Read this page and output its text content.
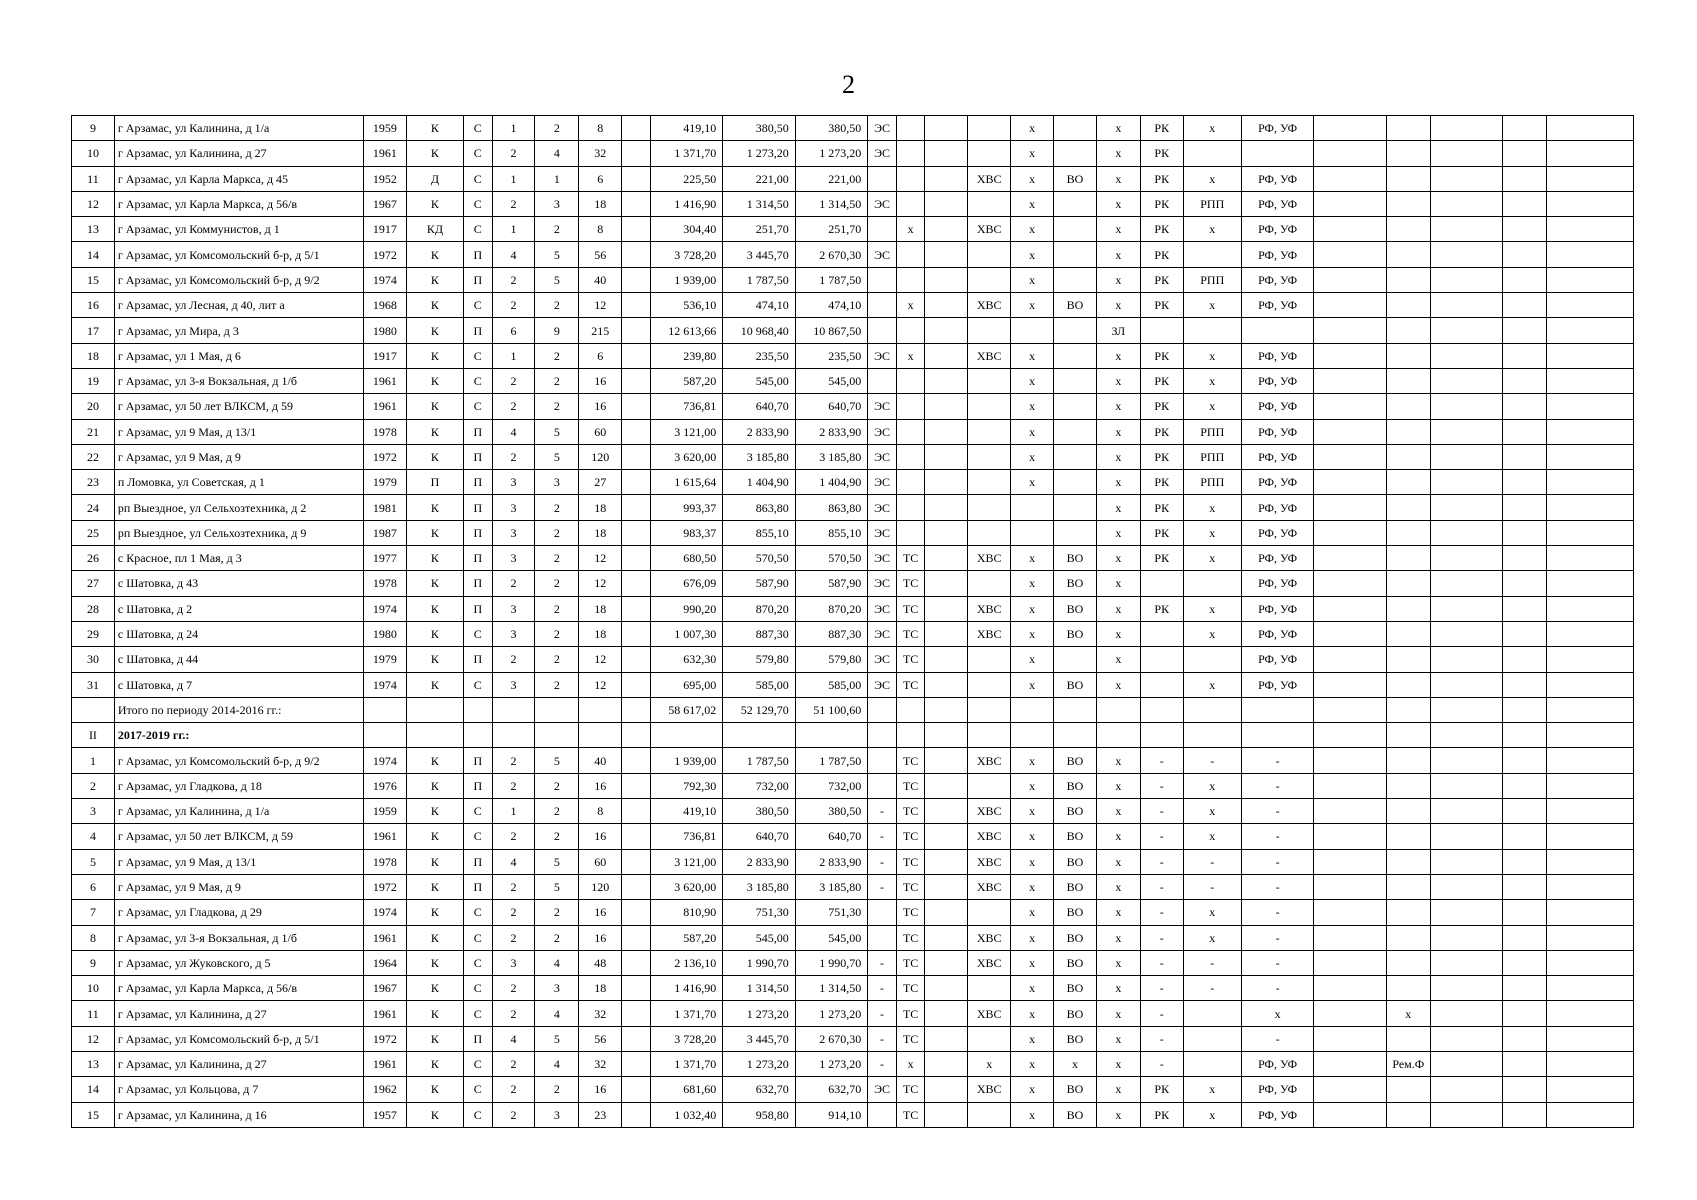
2
9	г Арзамас, ул Калинина, д 1/а	1959	К	С	1	2	8		419,10	380,50	380,50	ЭС				х		х	РК	х	РФ, УФ					
10	г Арзамас, ул Калинина, д 27	1961	К	С	2	4	32		1 371,70	1 273,20	1 273,20	ЭС				х		х	РК							
11	г Арзамас, ул Карла Маркса, д 45	1952	Д	С	1	1	6		225,50	221,00	221,00				ХВС	х	ВО	х	РК	х	РФ, УФ					
12	г Арзамас, ул Карла Маркса, д 56/в	1967	К	С	2	3	18		1 416,90	1 314,50	1 314,50	ЭС				х		х	РК	РПП	РФ, УФ					
13	г Арзамас, ул Коммунистов, д 1	1917	КД	С	1	2	8		304,40	251,70	251,70		х		ХВС	х		х	РК	х	РФ, УФ					
14	г Арзамас, ул Комсомольский б-р, д 5/1	1972	К	П	4	5	56		3 728,20	3 445,70	2 670,30	ЭС				х		х	РК		РФ, УФ					
15	г Арзамас, ул Комсомольский б-р, д 9/2	1974	К	П	2	5	40		1 939,00	1 787,50	1 787,50					х		х	РК	РПП	РФ, УФ					
16	г Арзамас, ул Лесная, д 40, лит а	1968	К	С	2	2	12		536,10	474,10	474,10		х		ХВС	х	ВО	х	РК	х	РФ, УФ					
17	г Арзамас, ул Мира, д 3	1980	К	П	6	9	215		12 613,66	10 968,40	10 867,50							ЗЛ								
18	г Арзамас, ул 1 Мая, д 6	1917	К	С	1	2	6		239,80	235,50	235,50	ЭС	х		ХВС	х		х	РК	х	РФ, УФ					
19	г Арзамас, ул 3-я Вокзальная, д 1/б	1961	К	С	2	2	16		587,20	545,00	545,00					х		х	РК	х	РФ, УФ					
20	г Арзамас, ул 50 лет ВЛКСМ, д 59	1961	К	С	2	2	16		736,81	640,70	640,70	ЭС				х		х	РК	х	РФ, УФ					
21	г Арзамас, ул 9 Мая, д 13/1	1978	К	П	4	5	60		3 121,00	2 833,90	2 833,90	ЭС				х		х	РК	РПП	РФ, УФ					
22	г Арзамас, ул 9 Мая, д 9	1972	К	П	2	5	120		3 620,00	3 185,80	3 185,80	ЭС				х		х	РК	РПП	РФ, УФ					
23	п Ломовка, ул Советская, д 1	1979	П	П	3	3	27		1 615,64	1 404,90	1 404,90	ЭС				х		х	РК	РПП	РФ, УФ					
24	рп Выездное, ул Сельхозтехника, д 2	1981	К	П	3	2	18		993,37	863,80	863,80	ЭС						х	РК	х	РФ, УФ					
25	рп Выездное, ул Сельхозтехника, д 9	1987	К	П	3	2	18		983,37	855,10	855,10	ЭС						х	РК	х	РФ, УФ					
26	с Красное, пл 1 Мая, д 3	1977	К	П	3	2	12		680,50	570,50	570,50	ЭС	ТС		ХВС	х	ВО	х	РК	х	РФ, УФ					
27	с Шатовка, д 43	1978	К	П	2	2	12		676,09	587,90	587,90	ЭС	ТС			х	ВО	х			РФ, УФ					
28	с Шатовка, д 2	1974	К	П	3	2	18		990,20	870,20	870,20	ЭС	ТС		ХВС	х	ВО	х	РК	х	РФ, УФ					
29	с Шатовка, д 24	1980	К	С	3	2	18		1 007,30	887,30	887,30	ЭС	ТС		ХВС	х	ВО	х		х	РФ, УФ					
30	с Шатовка, д 44	1979	К	П	2	2	12		632,30	579,80	579,80	ЭС	ТС			х		х			РФ, УФ					
31	с Шатовка, д 7	1974	К	С	3	2	12		695,00	585,00	585,00	ЭС	ТС			х	ВО	х		х	РФ, УФ					
	Итого по периоду 2014-2016 гг.:								58 617,02	52 129,70	51 100,60															
II	2017-2019 гг.:																									
1	г Арзамас, ул Комсомольский б-р, д 9/2	1974	К	П	2	5	40		1 939,00	1 787,50	1 787,50		ТС		ХВС	х	ВО	х	-	-	-					
2	г Арзамас, ул Гладкова, д 18	1976	К	П	2	2	16		792,30	732,00	732,00		ТС			х	ВО	х	-	х	-					
3	г Арзамас, ул Калинина, д 1/а	1959	К	С	1	2	8		419,10	380,50	380,50	-	ТС		ХВС	х	ВО	х	-	х	-					
4	г Арзамас, ул 50 лет ВЛКСМ, д 59	1961	К	С	2	2	16		736,81	640,70	640,70	-	ТС		ХВС	х	ВО	х	-	х	-					
5	г Арзамас, ул 9 Мая, д 13/1	1978	К	П	4	5	60		3 121,00	2 833,90	2 833,90	-	ТС		ХВС	х	ВО	х	-	-	-					
6	г Арзамас, ул 9 Мая, д 9	1972	К	П	2	5	120		3 620,00	3 185,80	3 185,80	-	ТС		ХВС	х	ВО	х	-	-	-					
7	г Арзамас, ул Гладкова, д 29	1974	К	С	2	2	16		810,90	751,30	751,30		ТС			х	ВО	х	-	х	-					
8	г Арзамас, ул 3-я Вокзальная, д 1/б	1961	К	С	2	2	16		587,20	545,00	545,00		ТС		ХВС	х	ВО	х	-	х	-					
9	г Арзамас, ул Жуковского, д 5	1964	К	С	3	4	48		2 136,10	1 990,70	1 990,70	-	ТС		ХВС	х	ВО	х	-	-	-					
10	г Арзамас, ул Карла Маркса, д 56/в	1967	К	С	2	3	18		1 416,90	1 314,50	1 314,50	-	ТС			х	ВО	х	-	-	-					
11	г Арзамас, ул Калинина, д 27	1961	К	С	2	4	32		1 371,70	1 273,20	1 273,20	-	ТС		ХВС	х	ВО	х	-		х		х			
12	г Арзамас, ул Комсомольский б-р, д 5/1	1972	К	П	4	5	56		3 728,20	3 445,70	2 670,30	-	ТС			х	ВО	х	-		-					
13	г Арзамас, ул Калинина, д 27	1961	К	С	2	4	32		1 371,70	1 273,20	1 273,20	-	х		х	х	х	х	-		РФ, УФ		Рем.Ф			
14	г Арзамас, ул Кольцова, д 7	1962	К	С	2	2	16		681,60	632,70	632,70	ЭС	ТС		ХВС	х	ВО	х	РК	х	РФ, УФ					
15	г Арзамас, ул Калинина, д 16	1957	К	С	2	3	23		1 032,40	958,80	914,10		ТС			х	ВО	х	РК	х	РФ, УФ					
